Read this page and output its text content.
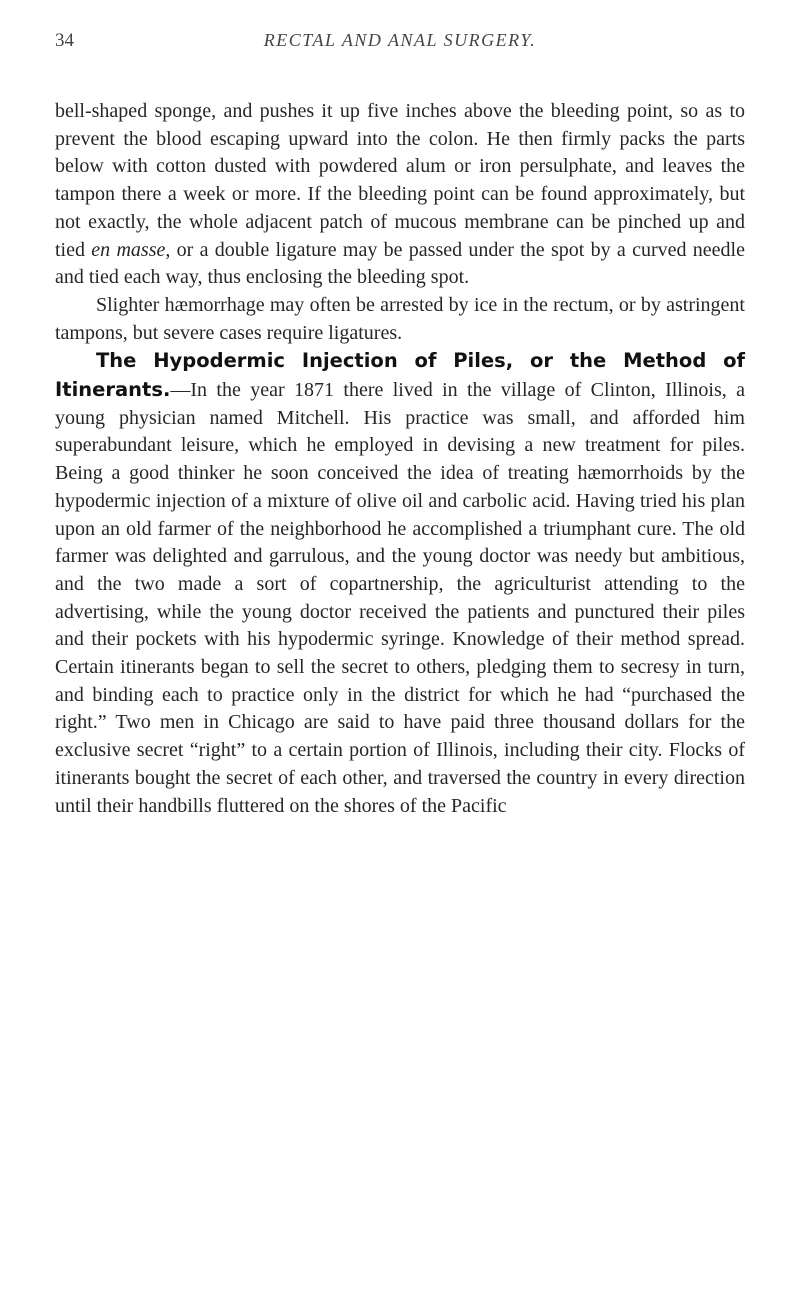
34	RECTAL AND ANAL SURGERY.

bell-shaped sponge, and pushes it up five inches above the bleeding point, so as to prevent the blood escaping upward into the colon. He then firmly packs the parts below with cotton dusted with powdered alum or iron persulphate, and leaves the tampon there a week or more. If the bleeding point can be found approximately, but not exactly, the whole adjacent patch of mucous membrane can be pinched up and tied en masse, or a double ligature may be passed under the spot by a curved needle and tied each way, thus enclosing the bleeding spot.

Slighter hæmorrhage may often be arrested by ice in the rectum, or by astringent tampons, but severe cases require ligatures.

The Hypodermic Injection of Piles, or the Method of Itinerants.—In the year 1871 there lived in the village of Clinton, Illinois, a young physician named Mitchell. His practice was small, and afforded him superabundant leisure, which he employed in devising a new treatment for piles. Being a good thinker he soon conceived the idea of treating hæmorrhoids by the hypodermic injection of a mixture of olive oil and carbolic acid. Having tried his plan upon an old farmer of the neighborhood he accomplished a triumphant cure. The old farmer was delighted and garrulous, and the young doctor was needy but ambitious, and the two made a sort of copartnership, the agriculturist attending to the advertising, while the young doctor received the patients and punctured their piles and their pockets with his hypodermic syringe. Knowledge of their method spread. Certain itinerants began to sell the secret to others, pledging them to secresy in turn, and binding each to practice only in the district for which he had “purchased the right.” Two men in Chicago are said to have paid three thousand dollars for the exclusive secret “right” to a certain portion of Illinois, including their city. Flocks of itinerants bought the secret of each other, and traversed the country in every direction until their handbills fluttered on the shores of the Pacific
